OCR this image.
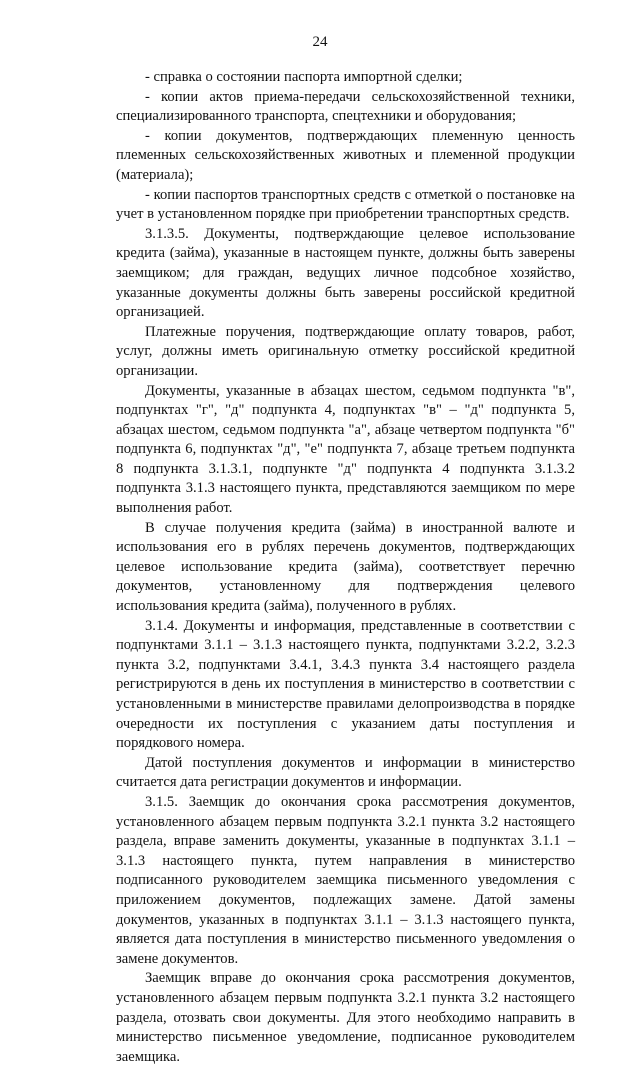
24

- справка о состоянии паспорта импортной сделки;

- копии актов приема-передачи сельскохозяйственной техники, специализированного транспорта, спецтехники и оборудования;

- копии документов, подтверждающих племенную ценность племенных сельскохозяйственных животных и племенной продукции (материала);

- копии паспортов транспортных средств с отметкой о постановке на учет в установленном порядке при приобретении транспортных средств.

3.1.3.5. Документы, подтверждающие целевое использование кредита (займа), указанные в настоящем пункте, должны быть заверены заемщиком; для граждан, ведущих личное подсобное хозяйство, указанные документы должны быть заверены российской кредитной организацией.

Платежные поручения, подтверждающие оплату товаров, работ, услуг, должны иметь оригинальную отметку российской кредитной организации.

Документы, указанные в абзацах шестом, седьмом подпункта "в", подпунктах "г", "д" подпункта 4, подпунктах "в" – "д" подпункта 5, абзацах шестом, седьмом подпункта "а", абзаце четвертом подпункта "б" подпункта 6, подпунктах "д", "е" подпункта 7, абзаце третьем подпункта 8 подпункта 3.1.3.1, подпункте "д" подпункта 4 подпункта 3.1.3.2 подпункта 3.1.3 настоящего пункта, представляются заемщиком по мере выполнения работ.

В случае получения кредита (займа) в иностранной валюте и использования его в рублях перечень документов, подтверждающих целевое использование кредита (займа), соответствует перечню документов, установленному для подтверждения целевого использования кредита (займа), полученного в рублях.

3.1.4. Документы и информация, представленные в соответствии с подпунктами 3.1.1 – 3.1.3 настоящего пункта, подпунктами 3.2.2, 3.2.3 пункта 3.2, подпунктами 3.4.1, 3.4.3 пункта 3.4 настоящего раздела регистрируются в день их поступления в министерство в соответствии с установленными в министерстве правилами делопроизводства в порядке очередности их поступления с указанием даты поступления и порядкового номера.

Датой поступления документов и информации в министерство считается дата регистрации документов и информации.

3.1.5. Заемщик до окончания срока рассмотрения документов, установленного абзацем первым подпункта 3.2.1 пункта 3.2 настоящего раздела, вправе заменить документы, указанные в подпунктах 3.1.1 – 3.1.3 настоящего пункта, путем направления в министерство подписанного руководителем заемщика письменного уведомления с приложением документов, подлежащих замене. Датой замены документов, указанных в подпунктах 3.1.1 – 3.1.3 настоящего пункта, является дата поступления в министерство письменного уведомления о замене документов.

Заемщик вправе до окончания срока рассмотрения документов, установленного абзацем первым подпункта 3.2.1 пункта 3.2 настоящего раздела, отозвать свои документы. Для этого необходимо направить в министерство письменное уведомление, подписанное руководителем заемщика.
